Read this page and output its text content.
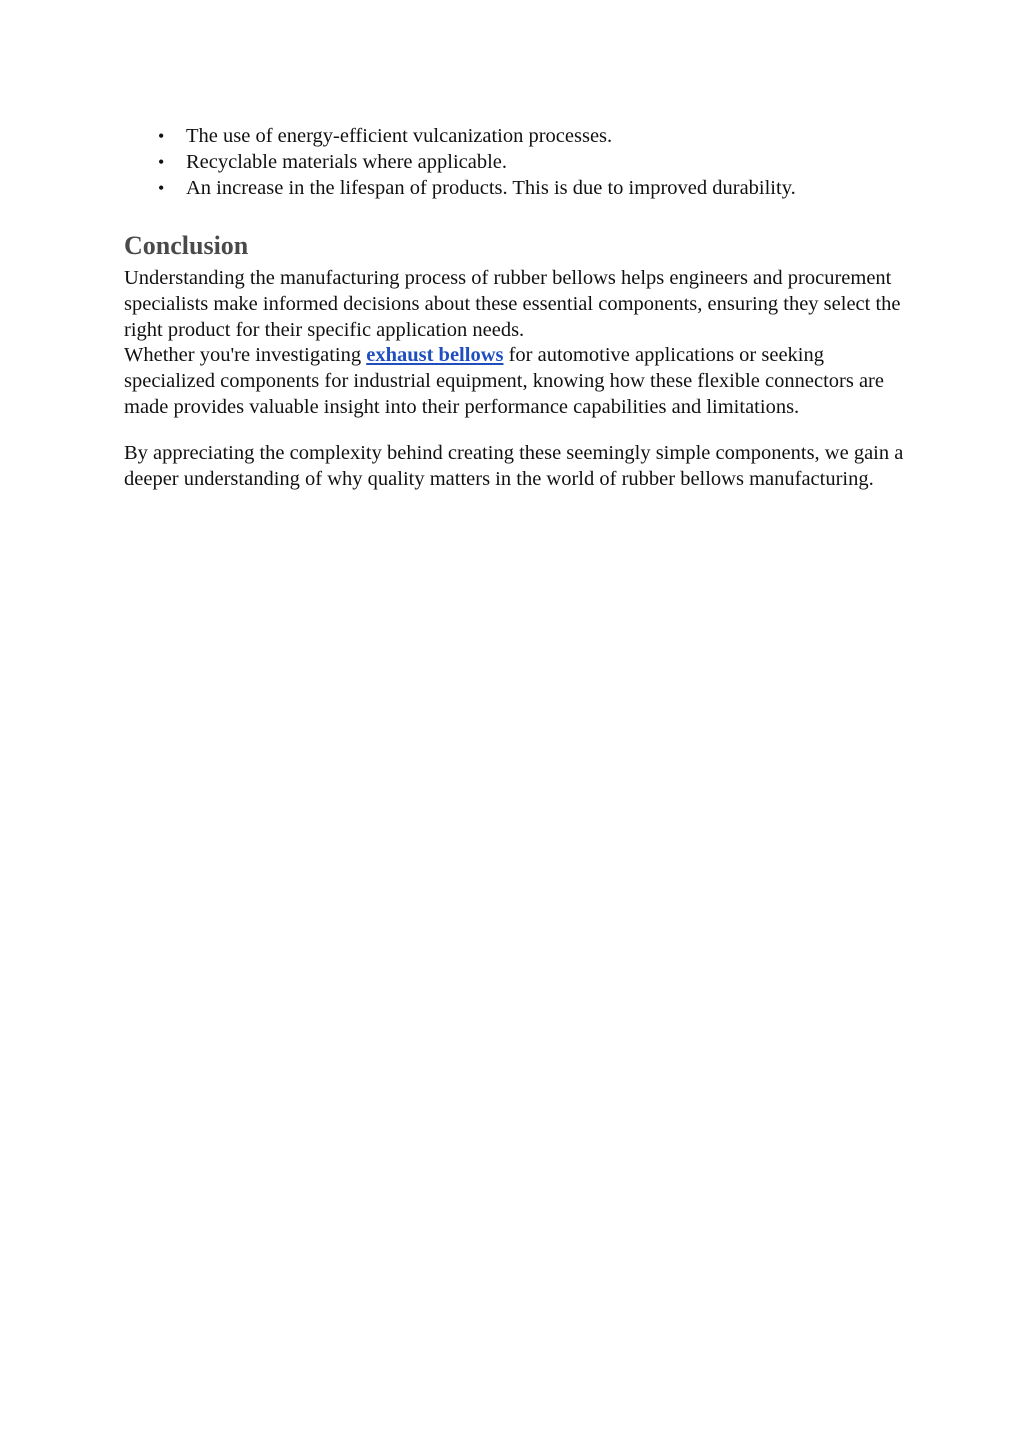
• The use of energy-efficient vulcanization processes.
• Recyclable materials where applicable.
• An increase in the lifespan of products. This is due to improved durability.
Conclusion

Understanding the manufacturing process of rubber bellows helps engineers and procurement specialists make informed decisions about these essential components, ensuring they select the right product for their specific application needs.

Whether you're investigating exhaust bellows for automotive applications or seeking specialized components for industrial equipment, knowing how these flexible connectors are made provides valuable insight into their performance capabilities and limitations.

By appreciating the complexity behind creating these seemingly simple components, we gain a deeper understanding of why quality matters in the world of rubber bellows manufacturing.
